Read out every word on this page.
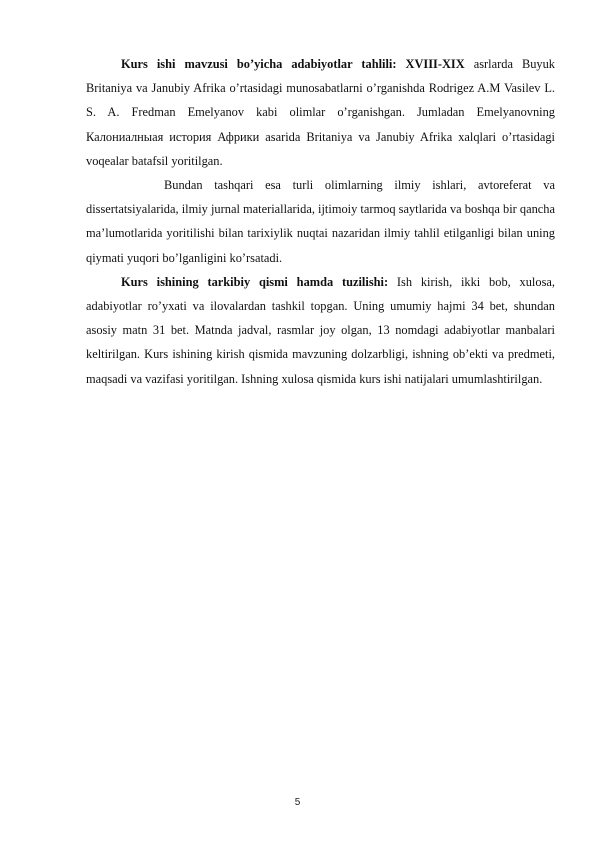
Kurs ishi mavzusi bo’yicha adabiyotlar tahlili: XVIII-XIX asrlarda Buyuk Britaniya va Janubiy Afrika o’rtasidagi munosabatlarni o’rganishda Rodrigez A.M Vasilev L. S. A. Fredman Emelyanov kabi olimlar o’rganishgan. Jumladan Emelyanovning Калониалныая история Африки asarida Britaniya va Janubiy Afrika xalqlari o’rtasidagi voqealar batafsil yoritilgan.

Bundan tashqari esa turli olimlarning ilmiy ishlari, avtoreferat va dissertatsiyalarida, ilmiy jurnal materiallarida, ijtimoiy tarmoq saytlarida va boshqa bir qancha ma’lumotlarida yoritilishi bilan tarixiylik nuqtai nazaridan ilmiy tahlil etilganligi bilan uning qiymati yuqori bo’lganligini ko’rsatadi.

Kurs ishining tarkibiy qismi hamda tuzilishi: Ish kirish, ikki bob, xulosa, adabiyotlar ro’yxati va ilovalardan tashkil topgan. Uning umumiy hajmi 34 bet, shundan asosiy matn 31 bet. Matnda jadval, rasmlar joy olgan, 13 nomdagi adabiyotlar manbalari keltirilgan. Kurs ishining kirish qismida mavzuning dolzarbligi, ishning ob’ekti va predmeti, maqsadi va vazifasi yoritilgan. Ishning xulosa qismida kurs ishi natijalari umumlashtirilgan.

5
